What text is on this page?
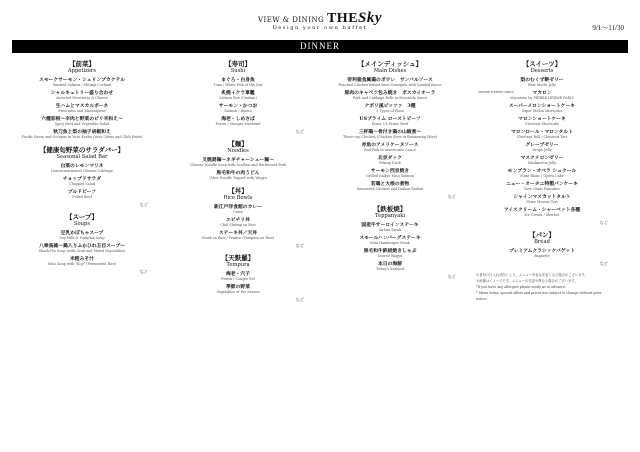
VIEW & DINING THESky
Design your own buffet	9/1～11/30
DINNER
【前菜】
Appetizers
スモークサーモン・シュリンプカクテル
Smoked Salmon / Shrimp Cocktail
シャルキュトリー盛り合わせ
Assorted Prosciutto & Cheese
生ハムとマスカルポーネ
Prosciutto and Mascarpone
六種彩根～辛肉と野菜のピリ辛和え～
Spicy Beef and Vegetable Salad
秋刀魚と梨の柚子胡椒和え
Pacific Saury and Octopus in Yuzu Kosho (Yuzu Citrus and Chili Paste)
【健康旬野菜のサラダバー】
Seasonal Salad Bar
白菜のレモンマリネ
Lemon-marinated Chinese Cabbage
チョップドサラダ
Chopped Salad
プルドビーフ
Pulled Beef
など
【スープ】
Soups
豆乳かぼちゃスープ
Soy Milk & Pumpkin Soup
八拳鳥雑～鶏入りふかひれ五目スープ～
Shark Fin Soup (with Crab and Mixed Vegetables)
米糀みそ汁
Miso Soup with "Koji" (Fermented Rice)
など
【寿司】
Sushi
まぐろ・白身魚
Tuna / White Fish of the Day
炙焼イクラ軍艦
Salmon Roe (Gunkan)
サーモン・かつお
Salmon / Bonito
海老・しめさば
Prawn / Vinegar Mackerel
など
【麺】
Noodles
叉焼湯麺～ネギチャーシュー麺～
Chinese Noodle Soup with Scallion and Barbecued Pork
黒毛和牛の肉うどん
Udon Noodle Topped with Wagyu
【丼】
Rice Bowls
新江戸洋食館のカレー
Curry
エビチリ丼
Chili Shrimp on Rice
ステーキ丼／天丼
Steak on Rice / Tendon (Tempura on Rice)
など
【天麩羅】
Tempura
海老・穴子
Prawn / Conger Eel
季節の野菜
Vegetables of the Season
など
【メインディッシュ】
Main Dishes
帝利鹿食属鶏のボワレ　サンバルソース
Poached Chicken Breast from Yamagata with Sambal Sauce
豚肉のキャベツ包み焼き　ボスカイオーラ
Pork and Cabbage Rolls in Boscaiola Sauce
ナポリ風ピッツァ　3種
3 Types of Pizza
USプライム ローストビーフ
Roast US Prime Beef
三杯鶏～骨付き鶏の山椒煮～
Three-cup Chicken (Chicken Stew in Simmering Wine)
赤魚のアメリケーヌソース
Red Fish in Americaine Sauce
北京ダック
Peking Duck
サーモン西京焼き
Grilled Saikyo Miso Salmon
若鶏と大根の煮物
Simmered Chicken and Daikon Radish
など
【鉄板焼】
Teppanyaki
国産牛サーロインステーキ
Sirloin Steak
スモールハンバーグステーキ
Mini Hamburger Steak
黒毛和牛鉄板焼きしゃぶ
Seared Wagyu
本日の海鮮
Today's Seafood
など
【スイーツ】
Desserts
梨のむくず餅ゼリー
Pear Mochi Jelly
PIERRE HERMÉ PARIS	マカロン
Macarons by PIERRE HERMÉ PARIS
スーパーメロンショートケーキ
Super Melon Shortcake
マロンショートケーキ
Chestnut Shortcake
マロンロール・マロンタルト
Chestnut Roll / Chestnut Tart
グレープゼリー
Grape Jelly
マスクメロンゼリー
Muskmelon Jelly
モンブラン・オペラ シュクール
Mont Blanc / Opera Cake
ニュー・オータニ特製パンケーキ
New Otani Pancakes
シャインマスカットタルト
Shine Muscat Tart
アイスクリーム・シャーベット各種
Ice Cream / Sherbet
など
【パン】
Bread
プレミアムクラシックバゲット
Baguette
など
※食材の仕入れ状況により、メニュー内容は変更となる場合がございます。
※画像はイメージです。メニューの変更や異なる場合がございます。
*If you have any allergies please notify us in advance.
* Menu items, special offers and prices are subject to change without prior notice.
